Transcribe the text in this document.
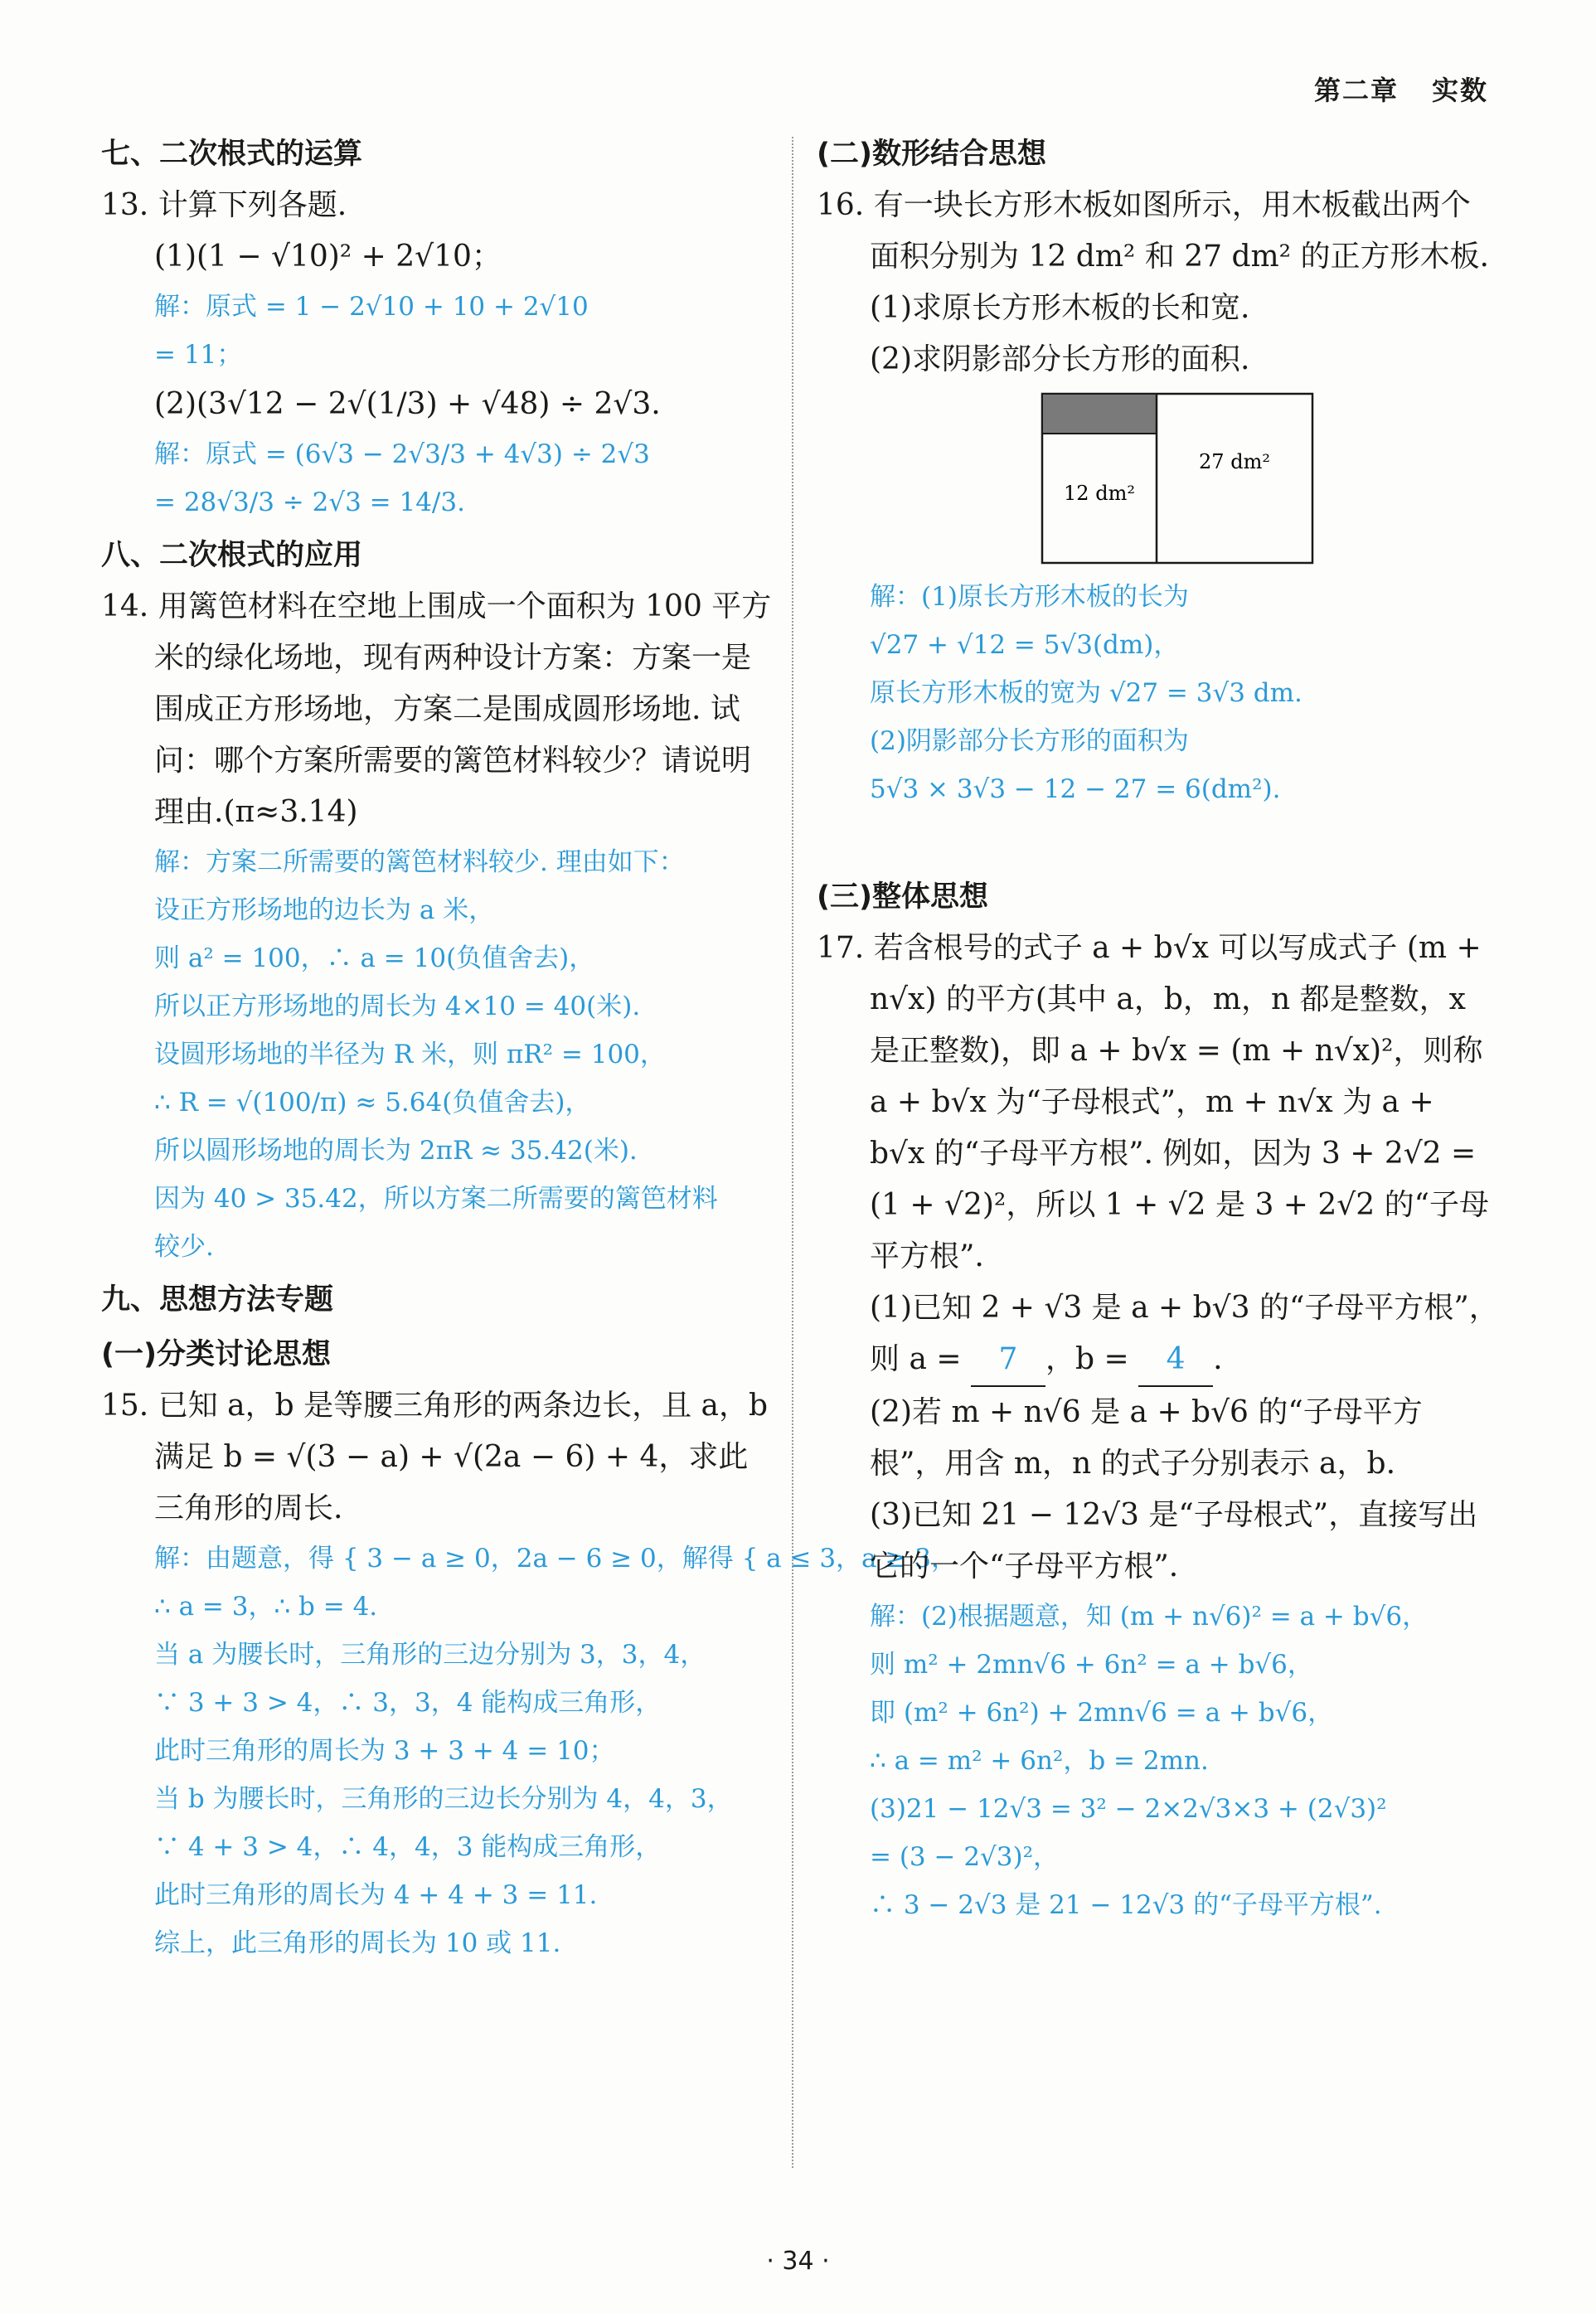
第二章 实数
七、二次根式的运算
13. 计算下列各题.
(1)(1 − √10)² + 2√10；
解：原式 = 1 − 2√10 + 10 + 2√10
= 11；
(2)(3√12 − 2√(1/3) + √48) ÷ 2√3.
解：原式 = (6√3 − 2√3/3 + 4√3) ÷ 2√3
= 28√3/3 ÷ 2√3 = 14/3.
八、二次根式的应用
14. 用篱笆材料在空地上围成一个面积为 100 平方米的绿化场地，现有两种设计方案：方案一是围成正方形场地，方案二是围成圆形场地. 试问：哪个方案所需要的篱笆材料较少？请说明理由.(π≈3.14)
解：方案二所需要的篱笆材料较少. 理由如下：
设正方形场地的边长为 a 米，
则 a² = 100，∴ a = 10(负值舍去)，
所以正方形场地的周长为 4×10 = 40(米).
设圆形场地的半径为 R 米，则 πR² = 100，
∴ R = √(100/π) ≈ 5.64(负值舍去)，
所以圆形场地的周长为 2πR ≈ 35.42(米).
因为 40 > 35.42，所以方案二所需要的篱笆材料
较少.
九、思想方法专题
(一)分类讨论思想
15. 已知 a，b 是等腰三角形的两条边长，且 a，b 满足 b = √(3 − a) + √(2a − 6) + 4，求此三角形的周长.
解：由题意，得 { 3 − a ≥ 0，2a − 6 ≥ 0，解得 { a ≤ 3，a ≥ 3，
∴ a = 3，∴ b = 4.
当 a 为腰长时，三角形的三边分别为 3，3，4，
∵ 3 + 3 > 4，∴ 3，3，4 能构成三角形，
此时三角形的周长为 3 + 3 + 4 = 10；
当 b 为腰长时，三角形的三边长分别为 4，4，3，
∵ 4 + 3 > 4，∴ 4，4，3 能构成三角形，
此时三角形的周长为 4 + 4 + 3 = 11.
综上，此三角形的周长为 10 或 11.
(二)数形结合思想
16. 有一块长方形木板如图所示，用木板截出两个面积分别为 12 dm² 和 27 dm² 的正方形木板.
(1)求原长方形木板的长和宽.
(2)求阴影部分长方形的面积.
12 dm²
27 dm²
解：(1)原长方形木板的长为
√27 + √12 = 5√3(dm)，
原长方形木板的宽为 √27 = 3√3 dm.
(2)阴影部分长方形的面积为
5√3 × 3√3 − 12 − 27 = 6(dm²).
(三)整体思想
17. 若含根号的式子 a + b√x 可以写成式子 (m + n√x) 的平方(其中 a，b，m，n 都是整数，x 是正整数)，即 a + b√x = (m + n√x)²，则称 a + b√x 为“子母根式”，m + n√x 为 a + b√x 的“子母平方根”. 例如，因为 3 + 2√2 = (1 + √2)²，所以 1 + √2 是 3 + 2√2 的“子母平方根”.
(1)已知 2 + √3 是 a + b√3 的“子母平方根”，
则 a = 7 ，b = 4 .
(2)若 m + n√6 是 a + b√6 的“子母平方根”，用含 m，n 的式子分别表示 a，b.
(3)已知 21 − 12√3 是“子母根式”，直接写出它的一个“子母平方根”.
解：(2)根据题意，知 (m + n√6)² = a + b√6，
则 m² + 2mn√6 + 6n² = a + b√6，
即 (m² + 6n²) + 2mn√6 = a + b√6，
∴ a = m² + 6n²，b = 2mn.
(3)21 − 12√3 = 3² − 2×2√3×3 + (2√3)²
= (3 − 2√3)²，
∴ 3 − 2√3 是 21 − 12√3 的“子母平方根”.
· 34 ·
